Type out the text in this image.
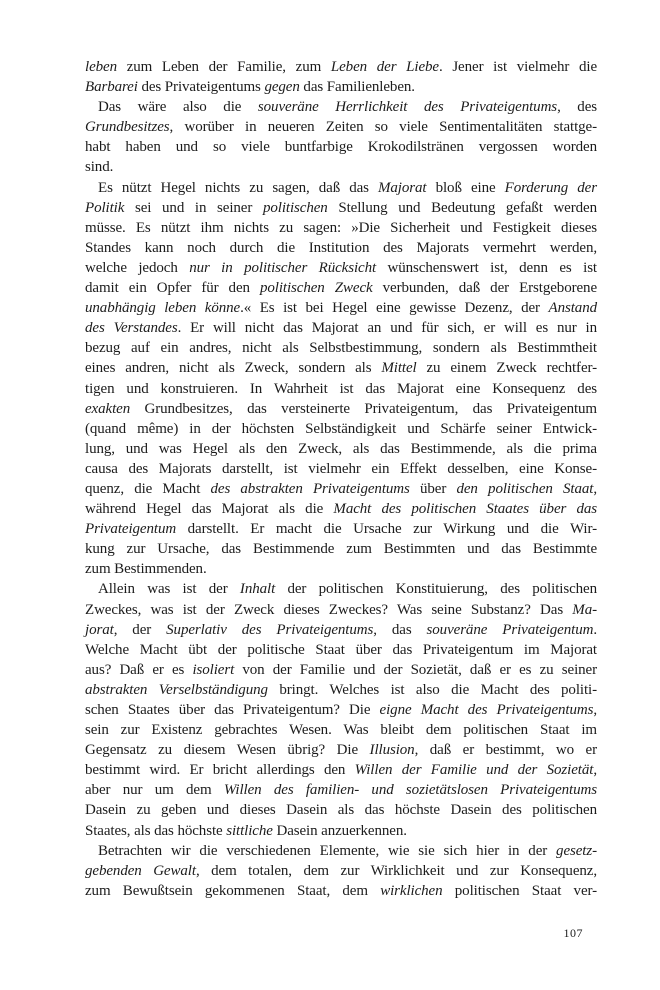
leben zum Leben der Familie, zum Leben der Liebe. Jener ist vielmehr die
Barbarei des Privateigentums gegen das Familienleben.
Das wäre also die souveräne Herrlichkeit des Privateigentums, des
Grundbesitzes, worüber in neueren Zeiten so viele Sentimentalitäten stattge-
habt haben und so viele buntfarbige Krokodilstränen vergossen worden
sind.
Es nützt Hegel nichts zu sagen, daß das Majorat bloß eine Forderung der
Politik sei und in seiner politischen Stellung und Bedeutung gefaßt werden
müsse. Es nützt ihm nichts zu sagen: »Die Sicherheit und Festigkeit dieses
Standes kann noch durch die Institution des Majorats vermehrt werden,
welche jedoch nur in politischer Rücksicht wünschenswert ist, denn es ist
damit ein Opfer für den politischen Zweck verbunden, daß der Erstgeborene
unabhängig leben könne.« Es ist bei Hegel eine gewisse Dezenz, der Anstand
des Verstandes. Er will nicht das Majorat an und für sich, er will es nur in
bezug auf ein andres, nicht als Selbstbestimmung, sondern als Bestimmtheit
eines andren, nicht als Zweck, sondern als Mittel zu einem Zweck rechtfer-
tigen und konstruieren. In Wahrheit ist das Majorat eine Konsequenz des
exakten Grundbesitzes, das versteinerte Privateigentum, das Privateigentum
(quand même) in der höchsten Selbständigkeit und Schärfe seiner Entwick-
lung, und was Hegel als den Zweck, als das Bestimmende, als die prima
causa des Majorats darstellt, ist vielmehr ein Effekt desselben, eine Konse-
quenz, die Macht des abstrakten Privateigentums über den politischen Staat,
während Hegel das Majorat als die Macht des politischen Staates über das
Privateigentum darstellt. Er macht die Ursache zur Wirkung und die Wir-
kung zur Ursache, das Bestimmende zum Bestimmten und das Bestimmte
zum Bestimmenden.
Allein was ist der Inhalt der politischen Konstituierung, des politischen
Zweckes, was ist der Zweck dieses Zweckes? Was seine Substanz? Das Ma-
jorat, der Superlativ des Privateigentums, das souveräne Privateigentum.
Welche Macht übt der politische Staat über das Privateigentum im Majorat
aus? Daß er es isoliert von der Familie und der Sozietät, daß er es zu seiner
abstrakten Verselbständigung bringt. Welches ist also die Macht des politi-
schen Staates über das Privateigentum? Die eigne Macht des Privateigentums,
sein zur Existenz gebrachtes Wesen. Was bleibt dem politischen Staat im
Gegensatz zu diesem Wesen übrig? Die Illusion, daß er bestimmt, wo er
bestimmt wird. Er bricht allerdings den Willen der Familie und der Sozietät,
aber nur um dem Willen des familien- und sozietätslosen Privateigentums
Dasein zu geben und dieses Dasein als das höchste Dasein des politischen
Staates, als das höchste sittliche Dasein anzuerkennen.
Betrachten wir die verschiedenen Elemente, wie sie sich hier in der gesetz-
gebenden Gewalt, dem totalen, dem zur Wirklichkeit und zur Konsequenz,
zum Bewußtsein gekommenen Staat, dem wirklichen politischen Staat ver-
107
